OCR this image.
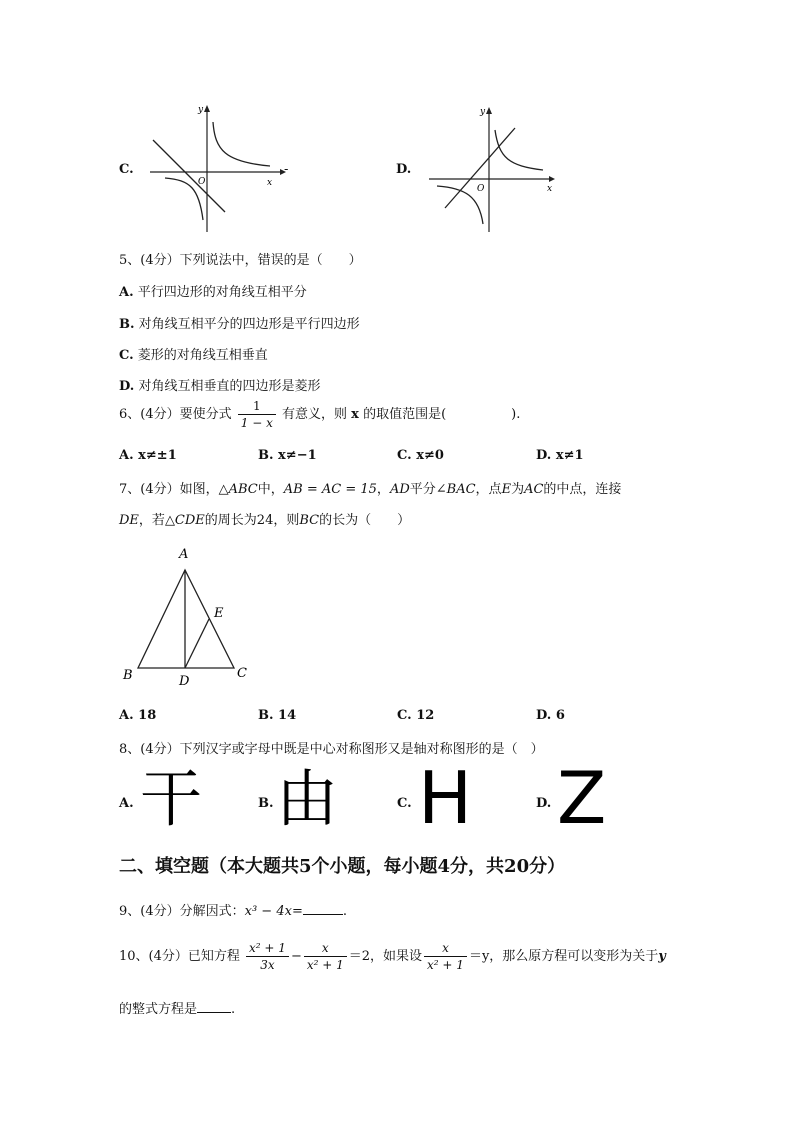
C.
y
x
O
-	D.
y
x
O
5、(4分）下列说法中，错误的是（　　）
A. 平行四边形的对角线互相平分
B. 对角线互相平分的四边形是平行四边形
C. 菱形的对角线互相垂直
D. 对角线互相垂直的四边形是菱形
6、(4分）要使分式 $\frac{1}{1 - x}$ 有意义，则 x 的取值范围是(　　　　　).
A. x≠±1	B. x≠−1	C. x≠0	D. x≠1
7、(4分）如图，△ABC中，AB = AC = 15，AD平分∠BAC，点E为AC的中点，连接
DE，若△CDE的周长为24，则BC的长为（　　）
A
B	C
D
E
A. 18	B. 14	C. 12	D. 6
8、(4分）下列汉字或字母中既是中心对称图形又是轴对称图形的是（　）
A. 干	B. 由	C. H	D. Z
二、填空题（本大题共5个小题，每小题4分，共20分）
9、(4分）分解因式：x³ − 4x=	.
10、(4分）已知方程 $\frac{\text{x² + 1}}{3x} - \frac{x}{\text{x² + 1}} =2$，如果设 $\frac{x}{\text{x² + 1}} =y$，那么原方程可以变形为关于y
的整式方程是	.
